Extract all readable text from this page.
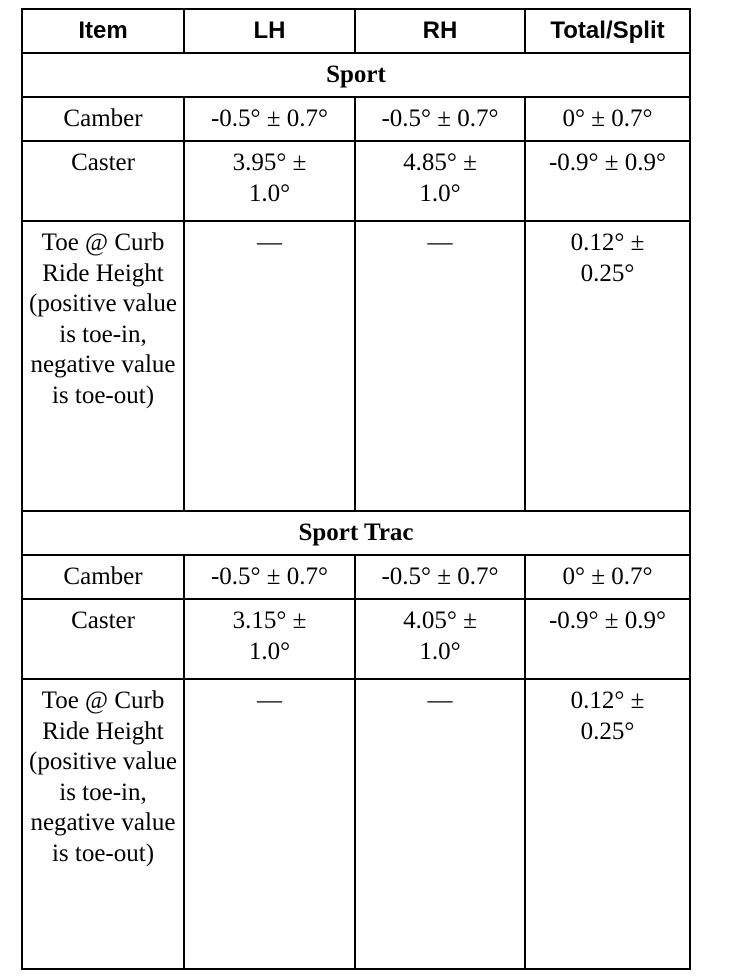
Item	LH	RH	Total/Split
Sport			
Camber	-0.5° ± 0.7°	-0.5° ± 0.7°	0° ± 0.7°
Caster	3.95° ± 1.0°	4.85° ± 1.0°	-0.9° ± 0.9°
Toe @ Curb Ride Height (positive value is toe-in, negative value is toe-out)	—	—	0.12° ± 0.25°
Sport Trac			
Camber	-0.5° ± 0.7°	-0.5° ± 0.7°	0° ± 0.7°
Caster	3.15° ± 1.0°	4.05° ± 1.0°	-0.9° ± 0.9°
Toe @ Curb Ride Height (positive value is toe-in, negative value is toe-out)	—	—	0.12° ± 0.25°
